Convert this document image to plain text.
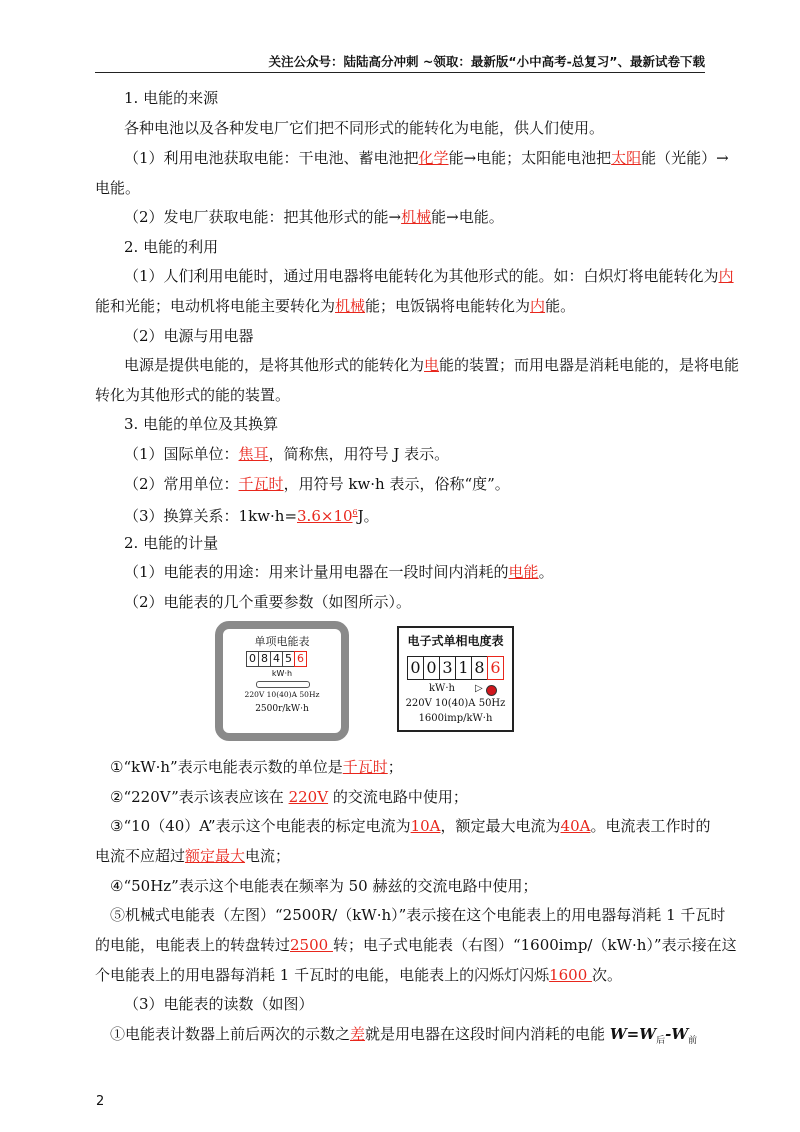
关注公众号：陆陆高分冲刺 ~领取：最新版“小中高考-总复习”、最新试卷下载
1. 电能的来源
各种电池以及各种发电厂它们把不同形式的能转化为电能，供人们使用。
（1）利用电池获取电能：干电池、蓄电池把化学能→电能；太阳能电池把太阳能（光能）→
电能。
（2）发电厂获取电能：把其他形式的能→机械能→电能。
2. 电能的利用
（1）人们利用电能时，通过用电器将电能转化为其他形式的能。如：白炽灯将电能转化为内
能和光能；电动机将电能主要转化为机械能；电饭锅将电能转化为内能。
（2）电源与用电器
电源是提供电能的，是将其他形式的能转化为电能的装置；而用电器是消耗电能的，是将电能
转化为其他形式的能的装置。
3. 电能的单位及其换算
（1）国际单位：焦耳，简称焦，用符号 J 表示。
（2）常用单位：千瓦时，用符号 kw·h 表示，俗称“度”。
（3）换算关系：$1kw\cdot h=3.6\times 10^6J$。
2. 电能的计量
（1）电能表的用途：用来计量用电器在一段时间内消耗的电能。
（2）电能表的几个重要参数（如图所示）。
单项电能表
0 8 4 5 6
kW·h
220V 10(40)A 50Hz
2500r/kW·h
电子式单相电度表
0 0 3 1 8 6
kW·h ▷
220V 10(40)A 50Hz
1600imp/kW·h
①“kW·h”表示电能表示数的单位是千瓦时；
②“220V”表示该表应该在 220V 的交流电路中使用；
③“10（40）A”表示这个电能表的标定电流为10A，额定最大电流为40A。电流表工作时的
电流不应超过额定最大电流；
④“50Hz”表示这个电能表在频率为 50 赫兹的交流电路中使用；
⑤机械式电能表（左图）“2500R/（kW·h）”表示接在这个电能表上的用电器每消耗 1 千瓦时
的电能，电能表上的转盘转过2500 转；电子式电能表（右图）“1600imp/（kW·h）”表示接在这
个电能表上的用电器每消耗 1 千瓦时的电能，电能表上的闪烁灯闪烁1600 次。
（3）电能表的读数（如图）
①电能表计数器上前后两次的示数之差就是用电器在这段时间内消耗的电能 $W=W_后-W_前$
2
